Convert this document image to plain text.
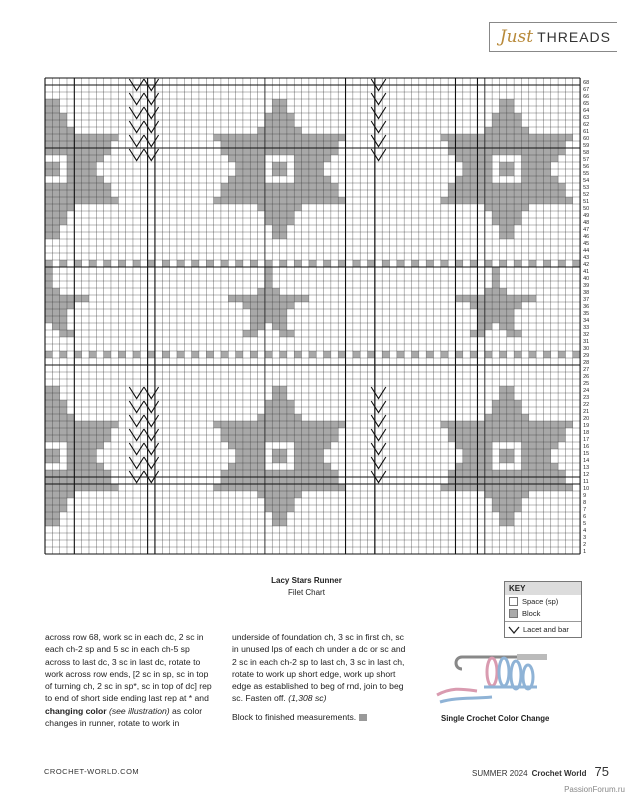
Just THREADS
1
2
3
4
5
6
7
8
9
10
11
12
13
14
15
16
17
18
19
20
21
22
23
24
25
26
27
28
29
30
31
32
33
34
35
36
37
38
39
40
41
42
43
44
45
46
47
48
49
50
51
52
53
54
55
56
57
58
59
60
61
62
63
64
65
66
67
68
Lacy Stars Runner
Filet Chart	KEY
Space (sp)
Block
Lacet and bar
across row 68, work sc in each dc, 2 sc in each ch-2 sp and 5 sc in each ch-5 sp across to last dc, 3 sc in last dc, rotate to work across row ends, [2 sc in sp, sc in top of turning ch, 2 sc in sp*, sc in top of dc] rep to end of short side ending last rep at * and changing color (see illustration) as color changes in runner, rotate to work in
underside of foundation ch, 3 sc in first ch, sc in unused lps of each ch under a dc or sc and 2 sc in each ch-2 sp to last ch, 3 sc in last ch, rotate to work up short edge, work up short edge as established to beg of rnd, join to beg sc. Fasten off. (1,308 sc)

Block to finished measurements.	Single Crochet Color Change
CROCHET-WORLD.COM	SUMMER 2024 Crochet World 75
PassionForum.ru
